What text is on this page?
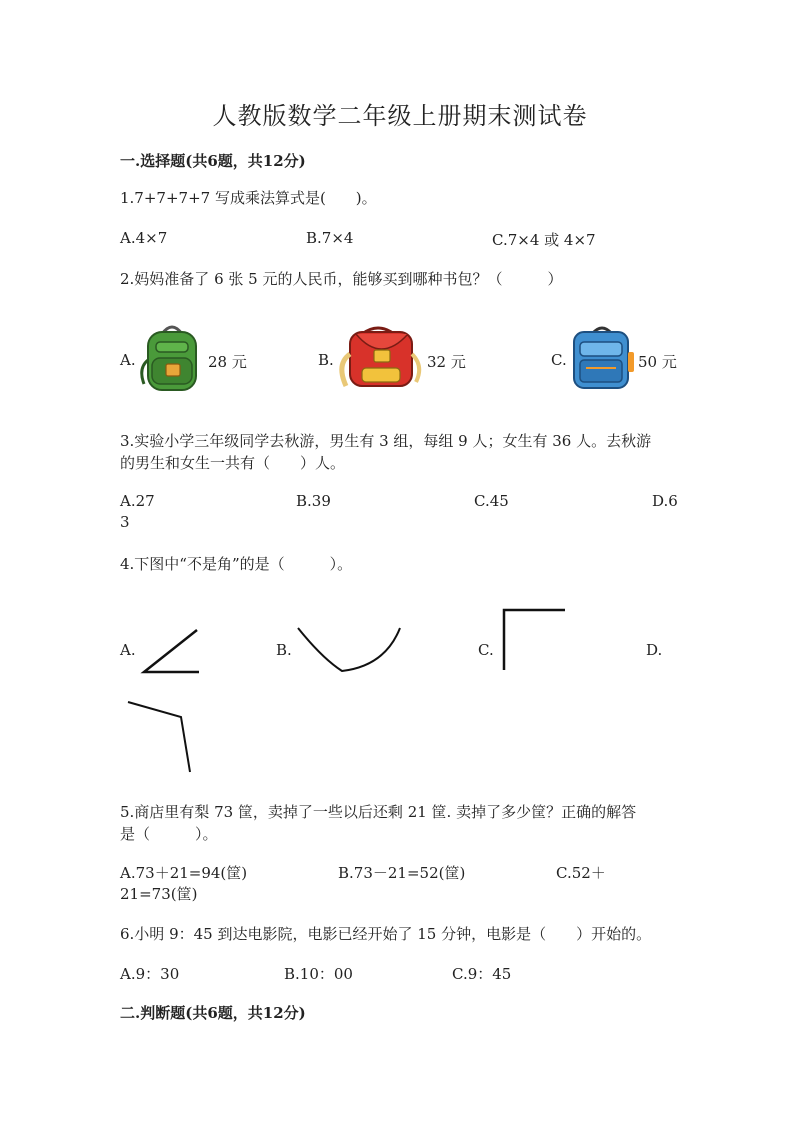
人教版数学二年级上册期末测试卷
一.选择题(共6题，共12分)
1.7+7+7+7 写成乘法算式是(　　)。
A.4×7	B.7×4	C.7×4 或 4×7
2.妈妈准备了 6 张 5 元的人民币，能够买到哪种书包？（　　　）
A.	28 元	B.	32 元	C.	50 元
3.实验小学三年级同学去秋游，男生有 3 组，每组 9 人；女生有 36 人。去秋游
的男生和女生一共有（　　）人。
A.27	B.39	C.45	D.6
3
4.下图中“不是角”的是（　　　）。
A.	B.	C.	D.
5.商店里有梨 73 筐，卖掉了一些以后还剩 21 筐. 卖掉了多少筐？正确的解答
是（　　　）。
A.73＋21=94(筐)	B.73－21=52(筐)	C.52＋
21=73(筐)
6.小明 9：45 到达电影院，电影已经开始了 15 分钟，电影是（　　）开始的。
A.9：30	B.10：00	C.9：45
二.判断题(共6题，共12分)
